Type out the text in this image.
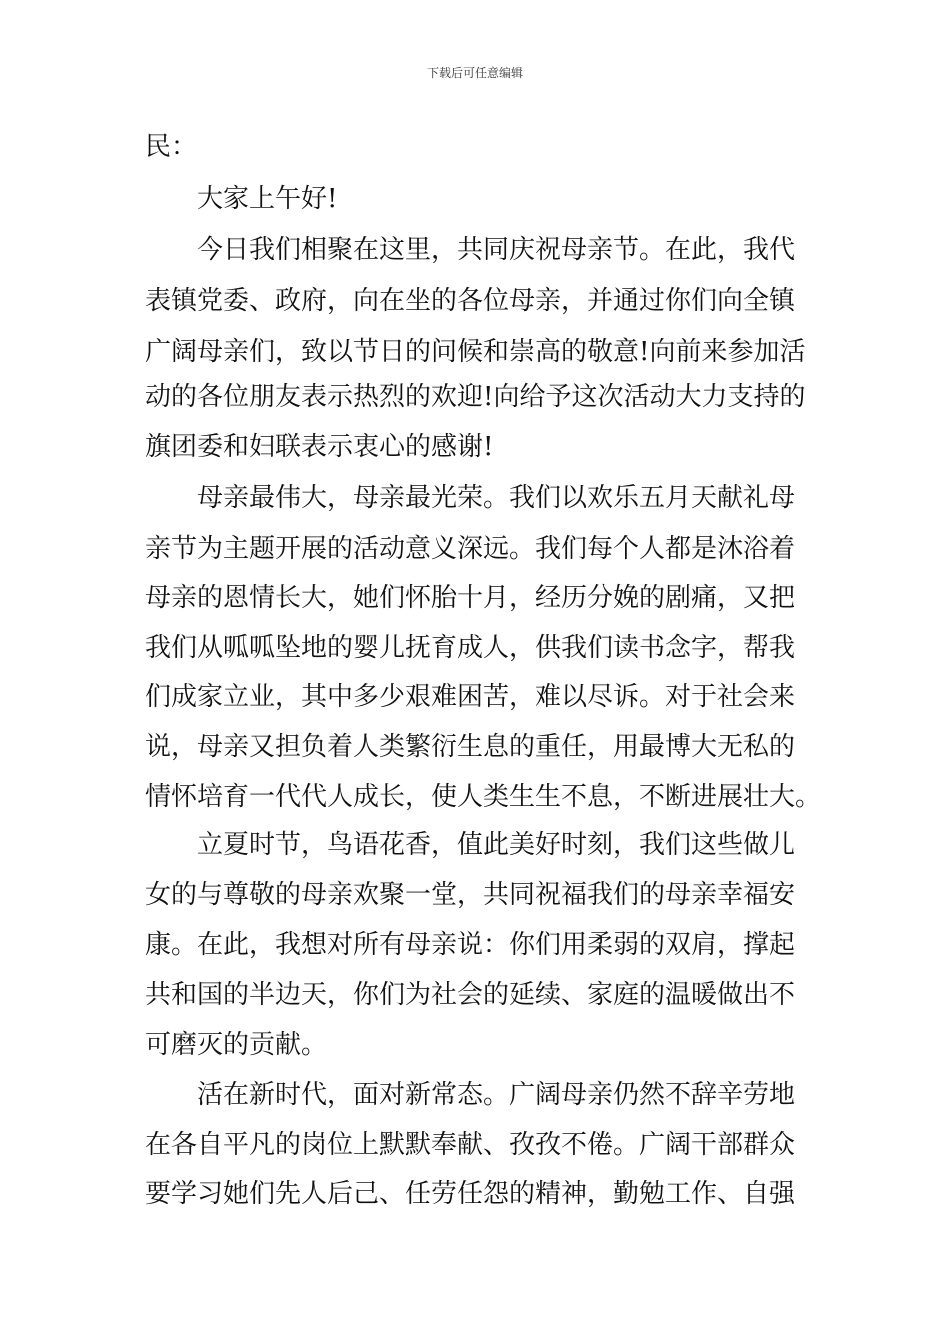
下载后可任意编辑
民：
大家上午好!
今日我们相聚在这里，共同庆祝母亲节。在此，我代
表镇党委、政府，向在坐的各位母亲，并通过你们向全镇
广阔母亲们，致以节日的问候和崇高的敬意!向前来参加活
动的各位朋友表示热烈的欢迎!向给予这次活动大力支持的
旗团委和妇联表示衷心的感谢!
母亲最伟大，母亲最光荣。我们以欢乐五月天献礼母
亲节为主题开展的活动意义深远。我们每个人都是沐浴着
母亲的恩情长大，她们怀胎十月，经历分娩的剧痛，又把
我们从呱呱坠地的婴儿抚育成人，供我们读书念字，帮我
们成家立业，其中多少艰难困苦，难以尽诉。对于社会来
说，母亲又担负着人类繁衍生息的重任，用最博大无私的
情怀培育一代代人成长，使人类生生不息，不断进展壮大。
立夏时节，鸟语花香，值此美好时刻，我们这些做儿
女的与尊敬的母亲欢聚一堂，共同祝福我们的母亲幸福安
康。在此，我想对所有母亲说：你们用柔弱的双肩，撑起
共和国的半边天，你们为社会的延续、家庭的温暖做出不
可磨灭的贡献。
活在新时代，面对新常态。广阔母亲仍然不辞辛劳地
在各自平凡的岗位上默默奉献、孜孜不倦。广阔干部群众
要学习她们先人后己、任劳任怨的精神，勤勉工作、自强
